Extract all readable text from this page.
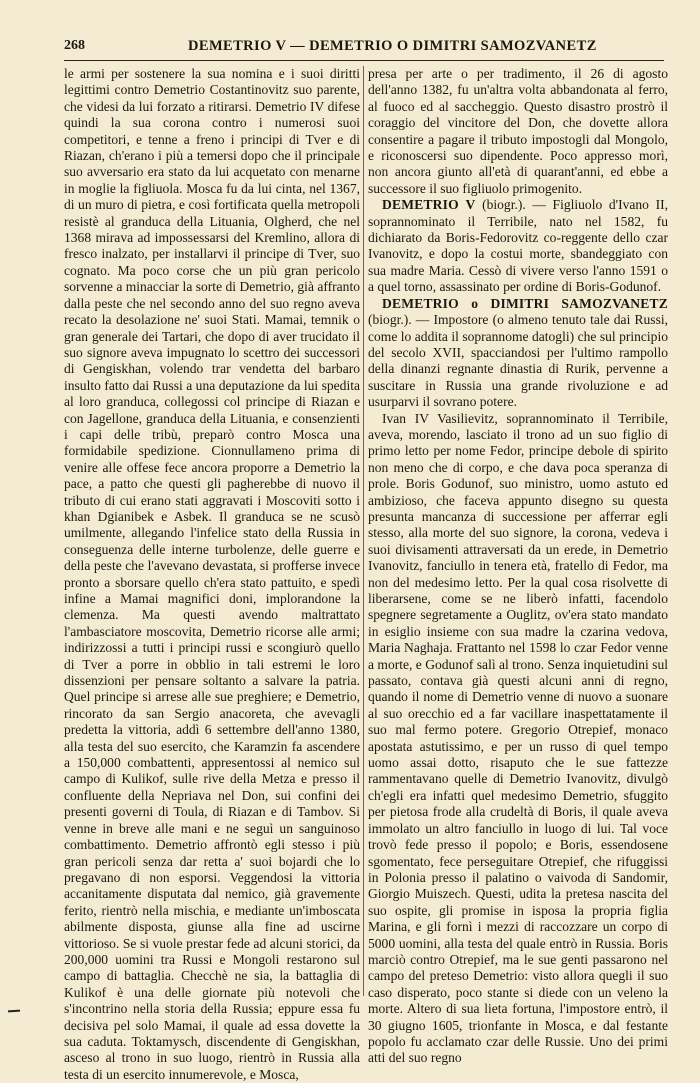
268	DEMETRIO V — DEMETRIO O DIMITRI SAMOZVANETZ

le armi per sostenere la sua nomina e i suoi diritti legittimi contro Demetrio Costantinovitz suo parente, che videsi da lui forzato a ritirarsi. Demetrio IV difese quindi la sua corona contro i numerosi suoi competitori, e tenne a freno i principi di Tver e di Riazan, ch'erano i più a temersi dopo che il principale suo avversario era stato da lui acquetato con menarne in moglie la figliuola. Mosca fu da lui cinta, nel 1367, di un muro di pietra, e così fortificata quella metropoli resistè al granduca della Lituania, Olgherd, che nel 1368 mirava ad impossessarsi del Kremlino, allora di fresco inalzato, per installarvi il principe di Tver, suo cognato. Ma poco corse che un più gran pericolo sorvenne a minacciar la sorte di Demetrio, già affranto dalla peste che nel secondo anno del suo regno aveva recato la desolazione ne' suoi Stati. Mamai, temnik o gran generale dei Tartari, che dopo di aver trucidato il suo signore aveva impugnato lo scettro dei successori di Gengiskhan, volendo trar vendetta del barbaro insulto fatto dai Russi a una deputazione da lui spedita al loro granduca, collegossi col principe di Riazan e con Jagellone, granduca della Lituania, e consenzienti i capi delle tribù, preparò contro Mosca una formidabile spedizione. Cionnullameno prima di venire alle offese fece ancora proporre a Demetrio la pace, a patto che questi gli pagherebbe di nuovo il tributo di cui erano stati aggravati i Moscoviti sotto i khan Dgianibek e Asbek. Il granduca se ne scusò umilmente, allegando l'infelice stato della Russia in conseguenza delle interne turbolenze, delle guerre e della peste che l'avevano devastata, si profferse invece pronto a sborsare quello ch'era stato pattuito, e spedì infine a Mamai magnifici doni, implorandone la clemenza. Ma questi avendo maltrattato l'ambasciatore moscovita, Demetrio ricorse alle armi; indirizzossi a tutti i principi russi e scongiurò quello di Tver a porre in obblio in tali estremi le loro dissenzioni per pensare soltanto a salvare la patria. Quel principe si arrese alle sue preghiere; e Demetrio, rincorato da san Sergio anacoreta, che avevagli predetta la vittoria, addì 6 settembre dell'anno 1380, alla testa del suo esercito, che Karamzin fa ascendere a 150,000 combattenti, appresentossi al nemico sul campo di Kulikof, sulle rive della Metza e presso il confluente della Nepriava nel Don, sui confini dei presenti governi di Toula, di Riazan e di Tambov. Si venne in breve alle mani e ne seguì un sanguinoso combattimento. Demetrio affrontò egli stesso i più gran pericoli senza dar retta a' suoi bojardi che lo pregavano di non esporsi. Veggendosi la vittoria accanitamente disputata dal nemico, già gravemente ferito, rientrò nella mischia, e mediante un'imboscata abilmente disposta, giunse alla fine ad uscirne vittorioso. Se si vuole prestar fede ad alcuni storici, da 200,000 uomini tra Russi e Mongoli restarono sul campo di battaglia. Checchè ne sia, la battaglia di Kulikof è una delle giornate più notevoli che s'incontrino nella storia della Russia; eppure essa fu decisiva pel solo Mamai, il quale ad essa dovette la sua caduta. Toktamysch, discendente di Gengiskhan, asceso al trono in suo luogo, rientrò in Russia alla testa di un esercito innumerevole, e Mosca,

presa per arte o per tradimento, il 26 di agosto dell'anno 1382, fu un'altra volta abbandonata al ferro, al fuoco ed al saccheggio. Questo disastro prostrò il coraggio del vincitore del Don, che dovette allora consentire a pagare il tributo impostogli dal Mongolo, e riconoscersi suo dipendente. Poco appresso morì, non ancora giunto all'età di quarant'anni, ed ebbe a successore il suo figliuolo primogenito.

DEMETRIO V (biogr.). — Figliuolo d'Ivano II, soprannominato il Terribile, nato nel 1582, fu dichiarato da Boris-Fedorovitz co-reggente dello czar Ivanovitz, e dopo la costui morte, sbandeggiato con sua madre Maria. Cessò di vivere verso l'anno 1591 o a quel torno, assassinato per ordine di Boris-Godunof.

DEMETRIO o DIMITRI SAMOZVANETZ (biogr.). — Impostore (o almeno tenuto tale dai Russi, come lo addita il soprannome datogli) che sul principio del secolo XVII, spacciandosi per l'ultimo rampollo della dinanzi regnante dinastia di Rurik, pervenne a suscitare in Russia una grande rivoluzione e ad usurparvi il sovrano potere.

Ivan IV Vasilievitz, soprannominato il Terribile, aveva, morendo, lasciato il trono ad un suo figlio di primo letto per nome Fedor, principe debole di spirito non meno che di corpo, e che dava poca speranza di prole. Boris Godunof, suo ministro, uomo astuto ed ambizioso, che faceva appunto disegno su questa presunta mancanza di successione per afferrar egli stesso, alla morte del suo signore, la corona, vedeva i suoi divisamenti attraversati da un erede, in Demetrio Ivanovitz, fanciullo in tenera età, fratello di Fedor, ma non del medesimo letto. Per la qual cosa risolvette di liberarsene, come se ne liberò infatti, facendolo spegnere segretamente a Ouglitz, ov'era stato mandato in esiglio insieme con sua madre la czarina vedova, Maria Naghaja. Frattanto nel 1598 lo czar Fedor venne a morte, e Godunof salì al trono. Senza inquietudini sul passato, contava già questi alcuni anni di regno, quando il nome di Demetrio venne di nuovo a suonare al suo orecchio ed a far vacillare inaspettatamente il suo mal fermo potere. Gregorio Otrepief, monaco apostata astutissimo, e per un russo di quel tempo uomo assai dotto, risaputo che le sue fattezze rammentavano quelle di Demetrio Ivanovitz, divulgò ch'egli era infatti quel medesimo Demetrio, sfuggito per pietosa frode alla crudeltà di Boris, il quale aveva immolato un altro fanciullo in luogo di lui. Tal voce trovò fede presso il popolo; e Boris, essendosene sgomentato, fece perseguitare Otrepief, che rifuggissi in Polonia presso il palatino o vaivoda di Sandomir, Giorgio Muiszech. Questi, udita la pretesa nascita del suo ospite, gli promise in isposa la propria figlia Marina, e gli fornì i mezzi di raccozzare un corpo di 5000 uomini, alla testa del quale entrò in Russia. Boris marciò contro Otrepief, ma le sue genti passarono nel campo del preteso Demetrio: visto allora quegli il suo caso disperato, poco stante si diede con un veleno la morte. Altero di sua lieta fortuna, l'impostore entrò, il 30 giugno 1605, trionfante in Mosca, e dal festante popolo fu acclamato czar delle Russie. Uno dei primi atti del suo regno
